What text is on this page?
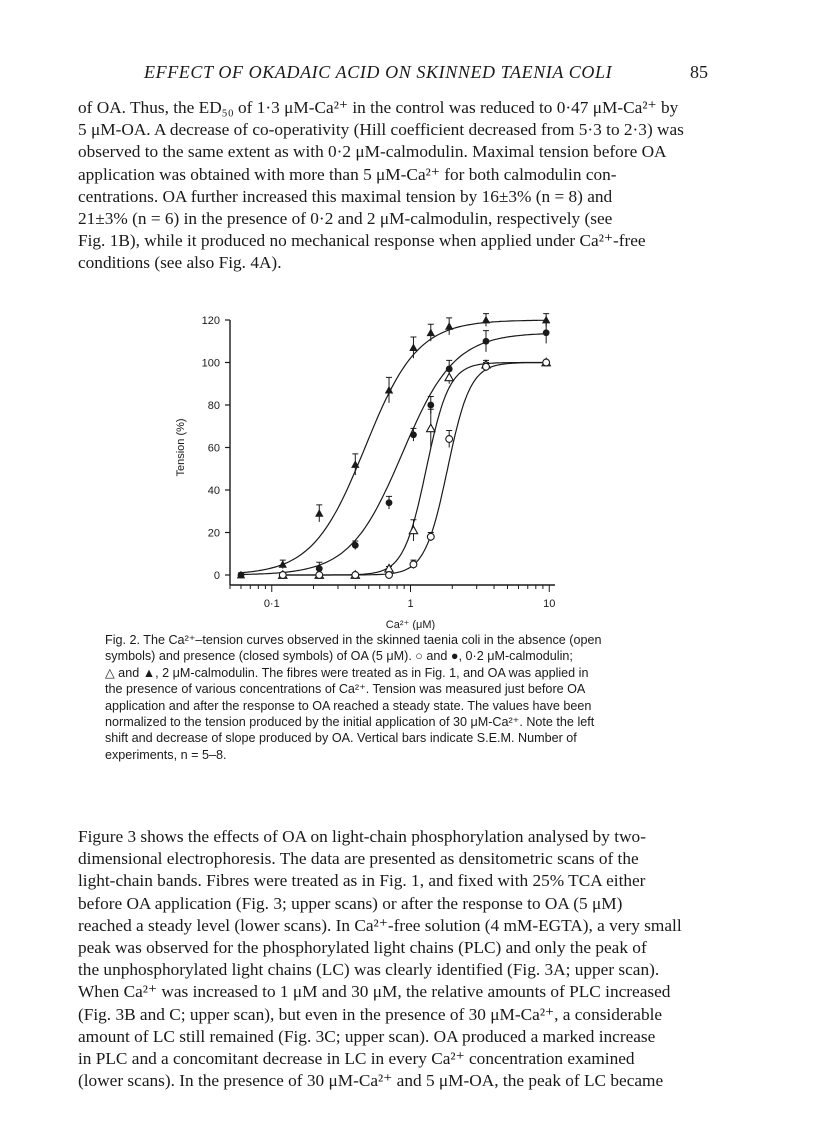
EFFECT OF OKADAIC ACID ON SKINNED TAENIA COLI	85
of OA. Thus, the ED₅₀ of 1·3 μM-Ca²⁺ in the control was reduced to 0·47 μM-Ca²⁺ by
5 μM-OA. A decrease of co-operativity (Hill coefficient decreased from 5·3 to 2·3) was
observed to the same extent as with 0·2 μM-calmodulin. Maximal tension before OA
application was obtained with more than 5 μM-Ca²⁺ for both calmodulin con-
centrations. OA further increased this maximal tension by 16±3% (n = 8) and
21±3% (n = 6) in the presence of 0·2 and 2 μM-calmodulin, respectively (see
Fig. 1B), while it produced no mechanical response when applied under Ca²⁺-free
conditions (see also Fig. 4A).
0
20
40
60
80
100
120
0·1	1	10
Ca²⁺ (μM)
Tension (%)
Fig. 2. The Ca²⁺–tension curves observed in the skinned taenia coli in the absence (open
symbols) and presence (closed symbols) of OA (5 μM). ○ and ●, 0·2 μM-calmodulin;
△ and ▲, 2 μM-calmodulin. The fibres were treated as in Fig. 1, and OA was applied in
the presence of various concentrations of Ca²⁺. Tension was measured just before OA
application and after the response to OA reached a steady state. The values have been
normalized to the tension produced by the initial application of 30 μM-Ca²⁺. Note the left
shift and decrease of slope produced by OA. Vertical bars indicate S.E.M. Number of
experiments, n = 5–8.
Figure 3 shows the effects of OA on light-chain phosphorylation analysed by two-
dimensional electrophoresis. The data are presented as densitometric scans of the
light-chain bands. Fibres were treated as in Fig. 1, and fixed with 25% TCA either
before OA application (Fig. 3; upper scans) or after the response to OA (5 μM)
reached a steady level (lower scans). In Ca²⁺-free solution (4 mM-EGTA), a very small
peak was observed for the phosphorylated light chains (PLC) and only the peak of
the unphosphorylated light chains (LC) was clearly identified (Fig. 3A; upper scan).
When Ca²⁺ was increased to 1 μM and 30 μM, the relative amounts of PLC increased
(Fig. 3B and C; upper scan), but even in the presence of 30 μM-Ca²⁺, a considerable
amount of LC still remained (Fig. 3C; upper scan). OA produced a marked increase
in PLC and a concomitant decrease in LC in every Ca²⁺ concentration examined
(lower scans). In the presence of 30 μM-Ca²⁺ and 5 μM-OA, the peak of LC became
